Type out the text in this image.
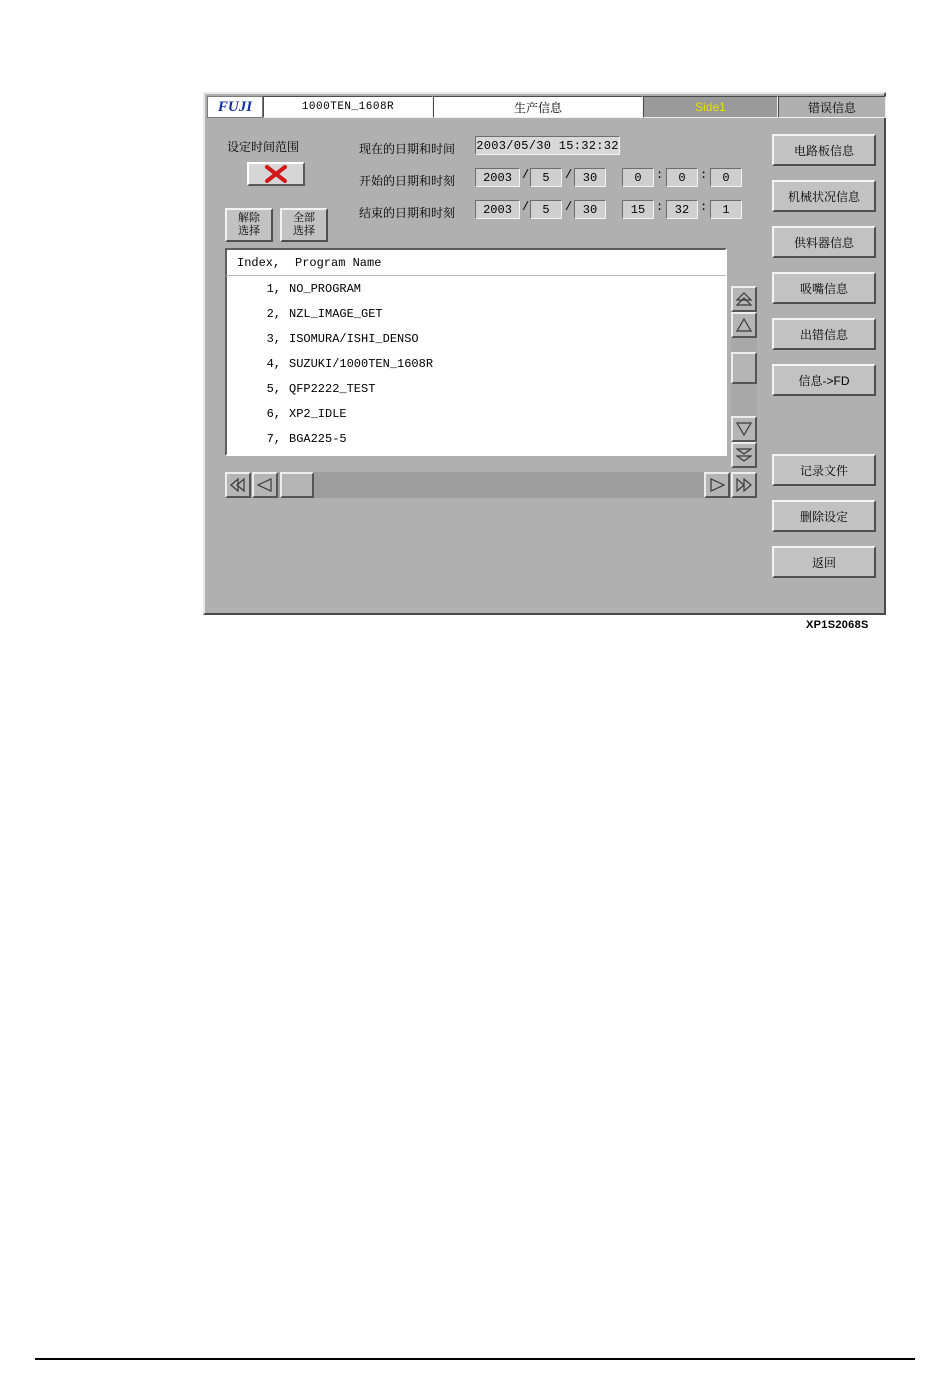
FUJI	1000TEN_1608R	生产信息	Side1	错误信息
设定时间范围
解除
选择
全部
选择
现在的日期和时间
开始的日期和时刻
结束的日期和时刻
2003/05/30 15:32:32
2003 /	5	/ 30	0	:	0	:	0
2003 /	5	/ 30	15 : 32 :	1
Index,	Program Name
1, NO_PROGRAM
2, NZL_IMAGE_GET
3, ISOMURA/ISHI_DENSO
4, SUZUKI/1000TEN_1608R
5, QFP2222_TEST
6, XP2_IDLE
7, BGA225-5
电路板信息
机械状况信息
供料器信息
吸嘴信息
出错信息
信息->FD
记录文件
删除设定
返回
XP1S2068S
